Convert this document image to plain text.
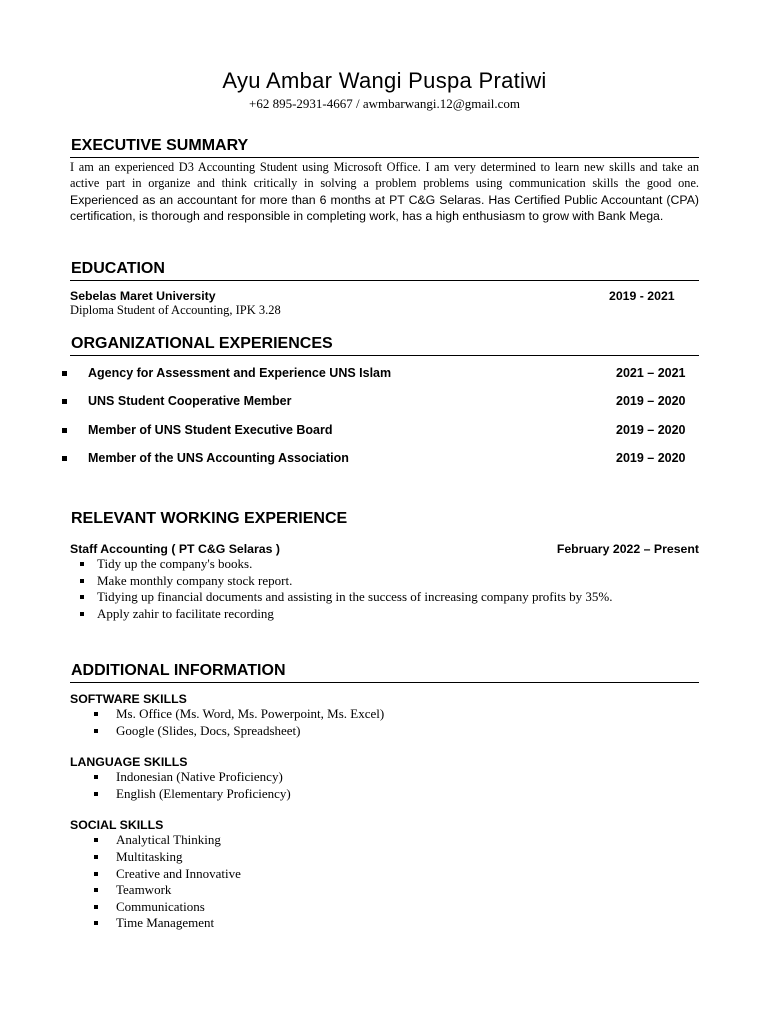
Ayu Ambar Wangi Puspa Pratiwi
+62 895-2931-4667 / awmbarwangi.12@gmail.com
EXECUTIVE SUMMARY
I am an experienced D3 Accounting Student using Microsoft Office. I am very determined to learn new skills and take an active part in organize and think critically in solving a problem problems using communication skills the good one. Experienced as an accountant for more than 6 months at PT C&G Selaras. Has Certified Public Accountant (CPA) certification, is thorough and responsible in completing work, has a high enthusiasm to grow with Bank Mega.
EDUCATION
Sebelas Maret University	2019 - 2021
Diploma Student of Accounting, IPK 3.28
ORGANIZATIONAL EXPERIENCES
Agency for Assessment and Experience UNS Islam	2021 – 2021
UNS Student Cooperative Member	2019 – 2020
Member of UNS Student Executive Board	2019 – 2020
Member of the UNS Accounting Association	2019 – 2020
RELEVANT WORKING EXPERIENCE
Staff Accounting ( PT C&G Selaras )	February 2022 – Present
Tidy up the company's books.
Make monthly company stock report.
Tidying up financial documents and assisting in the success of increasing company profits by 35%.
Apply zahir to facilitate recording
ADDITIONAL INFORMATION
SOFTWARE SKILLS
Ms. Office (Ms. Word, Ms. Powerpoint, Ms. Excel)
Google (Slides, Docs, Spreadsheet)
LANGUAGE SKILLS
Indonesian (Native Proficiency)
English (Elementary Proficiency)
SOCIAL SKILLS
Analytical Thinking
Multitasking
Creative and Innovative
Teamwork
Communications
Time Management
